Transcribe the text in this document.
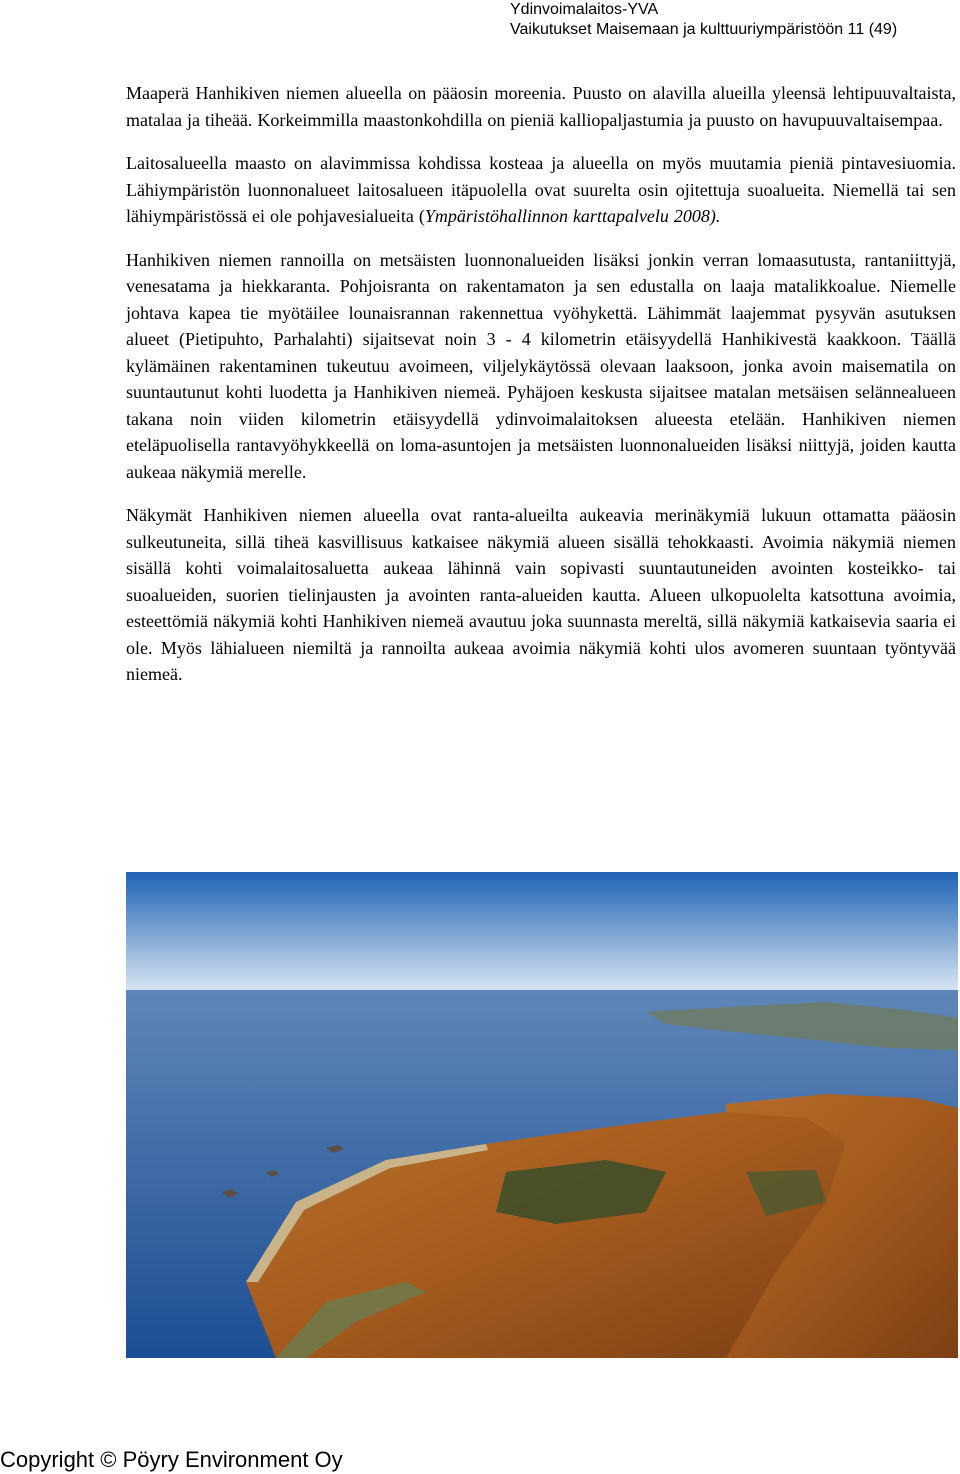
Ydinvoimalaitos-YVA
Vaikutukset Maisemaan ja kulttuuriympäristöön 11 (49)

Maaperä Hanhikiven niemen alueella on pääosin moreenia. Puusto on alavilla alueilla yleensä lehtipuuvaltaista, matalaa ja tiheää. Korkeimmilla maastonkohdilla on pieniä kalliopaljastumia ja puusto on havupuuvaltaisempaa.

Laitosalueella maasto on alavimmissa kohdissa kosteaa ja alueella on myös muutamia pieniä pintavesiuomia. Lähiympäristön luonnonalueet laitosalueen itäpuolella ovat suurelta osin ojitettuja suoalueita. Niemellä tai sen lähiympäristössä ei ole pohjavesialueita (Ympäristöhallinnon karttapalvelu 2008).

Hanhikiven niemen rannoilla on metsäisten luonnonalueiden lisäksi jonkin verran lomaasutusta, rantaniittyjä, venesatama ja hiekkaranta. Pohjoisranta on rakentamaton ja sen edustalla on laaja matalikkoalue. Niemelle johtava kapea tie myötäilee lounaisrannan rakennettua vyöhykettä. Lähimmät laajemmat pysyvän asutuksen alueet (Pietipuhto, Parhalahti) sijaitsevat noin 3 - 4 kilometrin etäisyydellä Hanhikivestä kaakkoon. Täällä kylämäinen rakentaminen tukeutuu avoimeen, viljelykäytössä olevaan laaksoon, jonka avoin maisematila on suuntautunut kohti luodetta ja Hanhikiven niemeä. Pyhäjoen keskusta sijaitsee matalan metsäisen selännealueen takana noin viiden kilometrin etäisyydellä ydinvoimalaitoksen alueesta etelään. Hanhikiven niemen eteläpuolisella rantavyöhykkeellä on loma-asuntojen ja metsäisten luonnonalueiden lisäksi niittyjä, joiden kautta aukeaa näkymiä merelle.

Näkymät Hanhikiven niemen alueella ovat ranta-alueilta aukeavia merinäkymiä lukuun ottamatta pääosin sulkeutuneita, sillä tiheä kasvillisuus katkaisee näkymiä alueen sisällä tehokkaasti. Avoimia näkymiä niemen sisällä kohti voimalaitosaluetta aukeaa lähinnä vain sopivasti suuntautuneiden avointen kosteikko- tai suoalueiden, suorien tielinjausten ja avointen ranta-alueiden kautta. Alueen ulkopuolelta katsottuna avoimia, esteettömiä näkymiä kohti Hanhikiven niemeä avautuu joka suunnasta mereltä, sillä näkymiä katkaisevia saaria ei ole. Myös lähialueen niemiltä ja rannoilta aukeaa avoimia näkymiä kohti ulos avomeren suuntaan työntyvää niemeä.

Copyright © Pöyry Environment Oy
